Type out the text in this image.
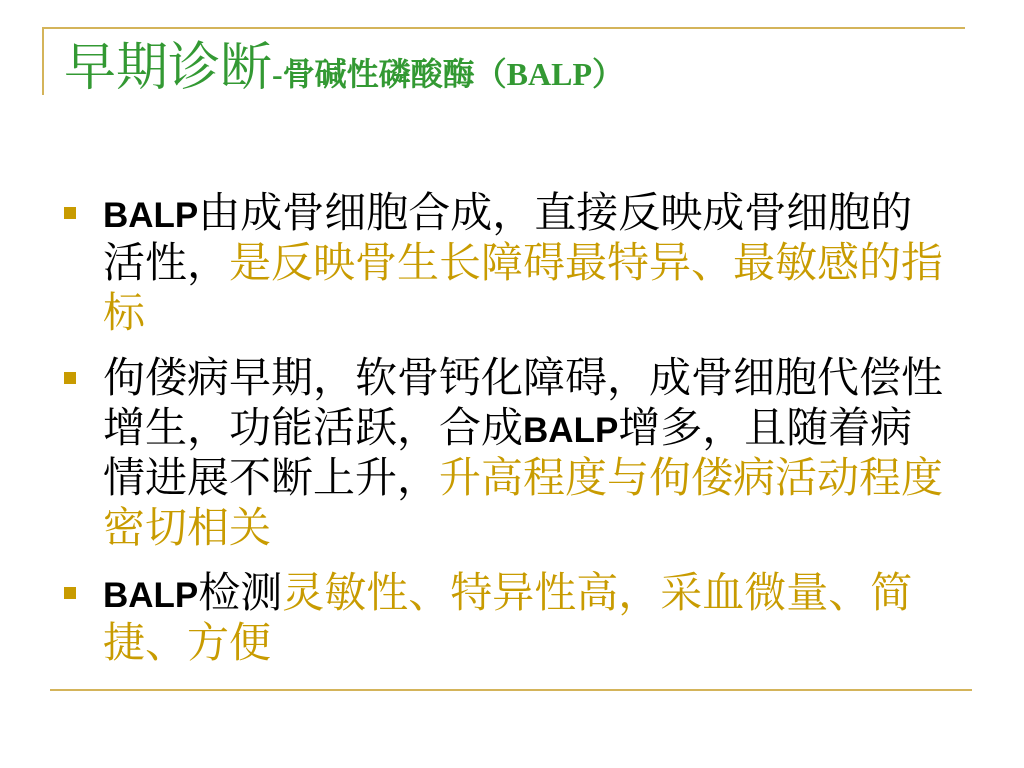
早期诊断 -骨碱性磷酸酶（BALP）
BALP由成骨细胞合成，直接反映成骨细胞的
活性，是反映骨生长障碍最特异、最敏感的指
标
佝偻病早期，软骨钙化障碍，成骨细胞代偿性
增生，功能活跃，合成BALP增多，且随着病
情进展不断上升，升高程度与佝偻病活动程度
密切相关
BALP检测灵敏性、特异性高，采血微量、简
捷、方便
